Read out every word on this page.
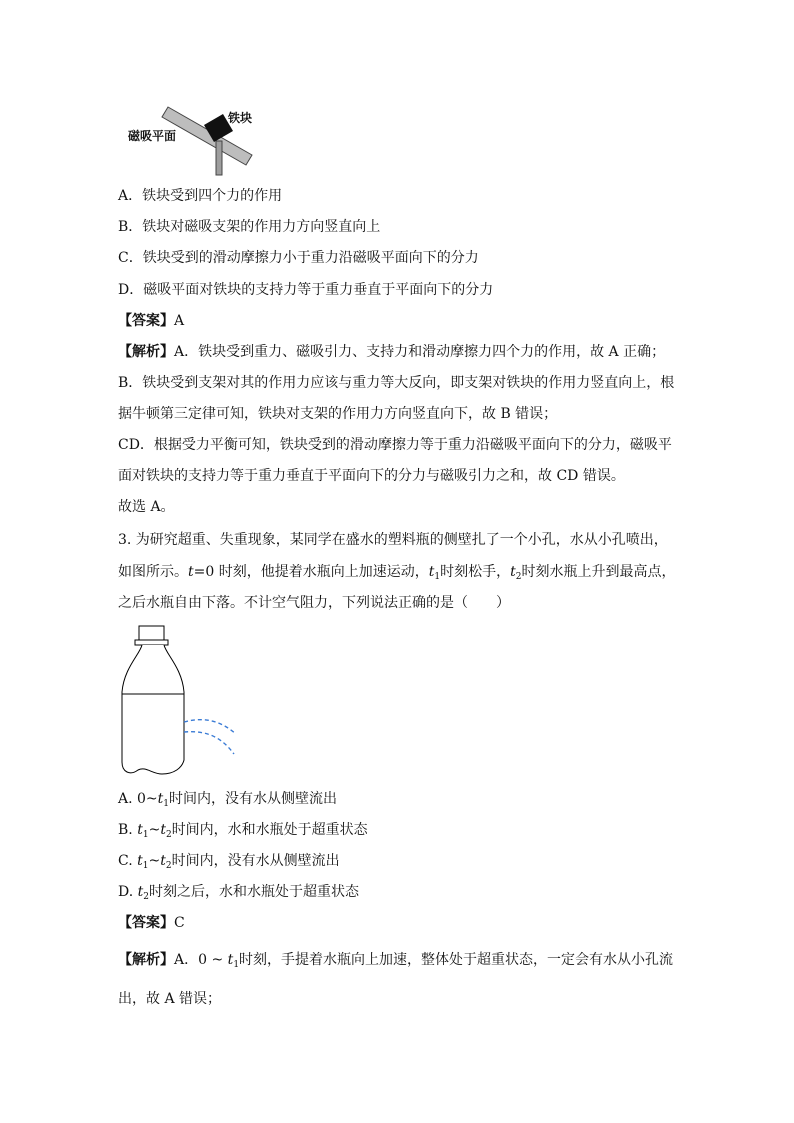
磁吸平面
铁块
A．铁块受到四个力的作用
B．铁块对磁吸支架的作用力方向竖直向上
C．铁块受到的滑动摩擦力小于重力沿磁吸平面向下的分力
D．磁吸平面对铁块的支持力等于重力垂直于平面向下的分力
【答案】A
【解析】A．铁块受到重力、磁吸引力、支持力和滑动摩擦力四个力的作用，故 A 正确；
B．铁块受到支架对其的作用力应该与重力等大反向，即支架对铁块的作用力竖直向上，根
据牛顿第三定律可知，铁块对支架的作用力方向竖直向下，故 B 错误；
CD．根据受力平衡可知，铁块受到的滑动摩擦力等于重力沿磁吸平面向下的分力，磁吸平
面对铁块的支持力等于重力垂直于平面向下的分力与磁吸引力之和，故 CD 错误。
故选 A。
3. 为研究超重、失重现象，某同学在盛水的塑料瓶的侧壁扎了一个小孔，水从小孔喷出，
如图所示。t=0 时刻，他提着水瓶向上加速运动，$t_1$时刻松手，$t_2$时刻水瓶上升到最高点，
之后水瓶自由下落。不计空气阻力，下列说法正确的是（　　）
A. $0\sim t_1$时间内，没有水从侧壁流出
B. $t_1\sim t_2$时间内，水和水瓶处于超重状态
C. $t_1\sim t_2$时间内，没有水从侧壁流出
D. $t_2$时刻之后，水和水瓶处于超重状态
【答案】C
【解析】A．0 ~ $t_1$时刻，手提着水瓶向上加速，整体处于超重状态，一定会有水从小孔流
出，故 A 错误；
